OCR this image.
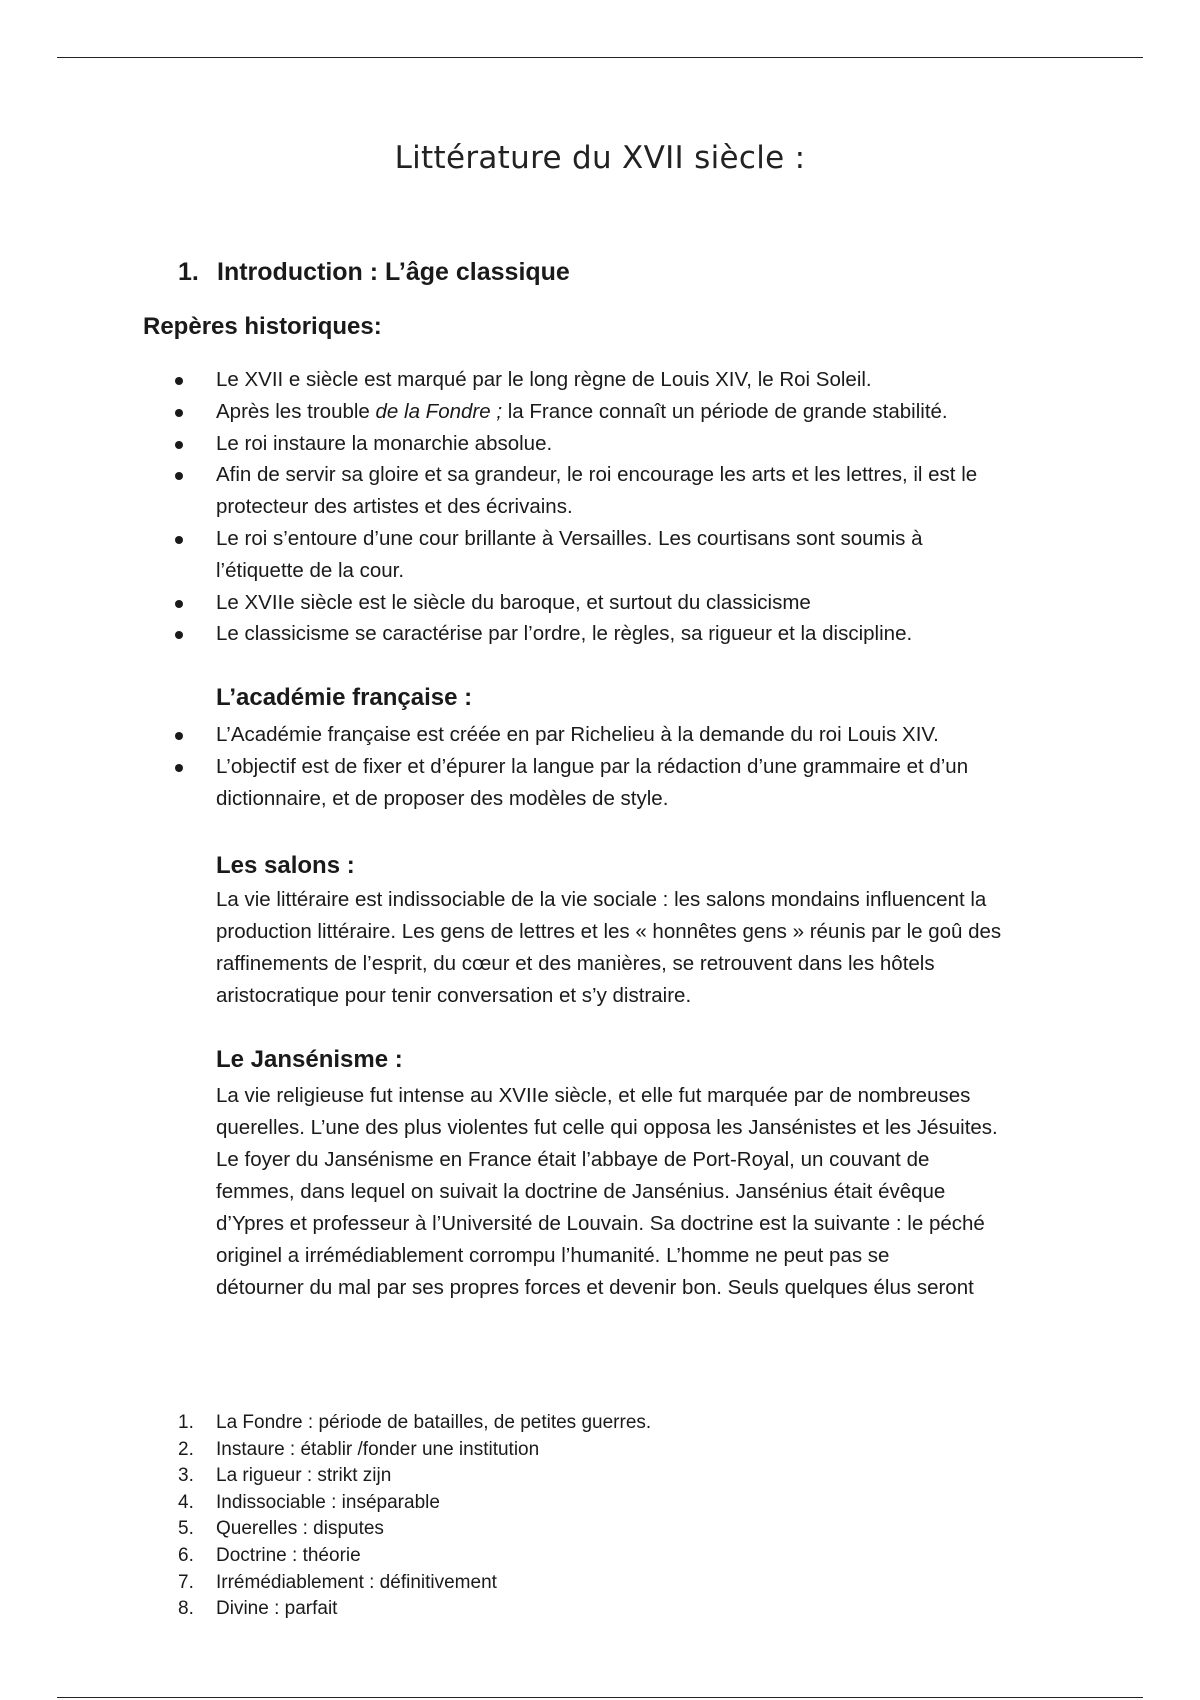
Littérature du XVII siècle :
1. Introduction : L’âge classique
Repères historiques:
Le XVII e siècle est marqué par le long règne de Louis XIV, le Roi Soleil.
Après les trouble de la Fondre ; la France connaît un période de grande stabilité.
Le roi instaure la monarchie absolue.
Afin de servir sa gloire et sa grandeur, le roi encourage les arts et les lettres, il est le
protecteur des artistes et des écrivains.
Le roi s’entoure d’une cour brillante à Versailles. Les courtisans sont soumis à
l’étiquette de la cour.
Le XVIIe siècle est le siècle du baroque, et surtout du classicisme
Le classicisme se caractérise par l’ordre, le règles, sa rigueur et la discipline.
L’académie française :
L’Académie française est créée en par Richelieu à la demande du roi Louis XIV.
L’objectif est de fixer et d’épurer la langue par la rédaction d’une grammaire et d’un
dictionnaire, et de proposer des modèles de style.
Les salons :

La vie littéraire est indissociable de la vie sociale : les salons mondains influencent la
production littéraire. Les gens de lettres et les « honnêtes gens » réunis par le goû des
raffinements de l’esprit, du cœur et des manières, se retrouvent dans les hôtels
aristocratique pour tenir conversation et s’y distraire.

Le Jansénisme :

La vie religieuse fut intense au XVIIe siècle, et elle fut marquée par de nombreuses
querelles. L’une des plus violentes fut celle qui opposa les Jansénistes et les Jésuites.
Le foyer du Jansénisme en France était l’abbaye de Port-Royal, un couvant de
femmes, dans lequel on suivait la doctrine de Jansénius. Jansénius était évêque
d’Ypres et professeur à l’Université de Louvain. Sa doctrine est la suivante : le péché
originel a irrémédiablement corrompu l’humanité. L’homme ne peut pas se
détourner du mal par ses propres forces et devenir bon. Seuls quelques élus seront

1. La Fondre : période de batailles, de petites guerres.
2. Instaure : établir /fonder une institution
3. La rigueur : strikt zijn
4. Indissociable : inséparable
5. Querelles : disputes
6. Doctrine : théorie
7. Irrémédiablement : définitivement
8. Divine : parfait
